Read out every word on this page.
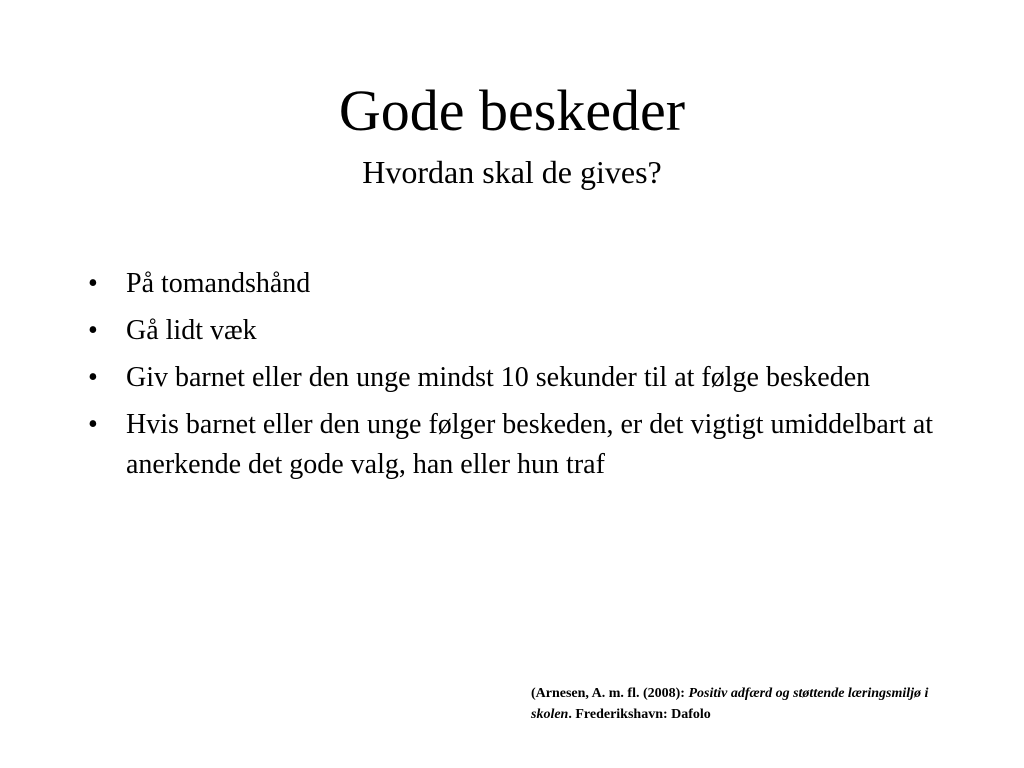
Gode beskeder
Hvordan skal de gives?
• På tomandshånd
• Gå lidt væk
• Giv barnet eller den unge mindst 10 sekunder til at følge beskeden
• Hvis barnet eller den unge følger beskeden, er det vigtigt umiddelbart at anerkende det gode valg, han eller hun traf
(Arnesen, A. m. fl. (2008): Positiv adfærd og støttende læringsmiljø i skolen. Frederikshavn: Dafolo
